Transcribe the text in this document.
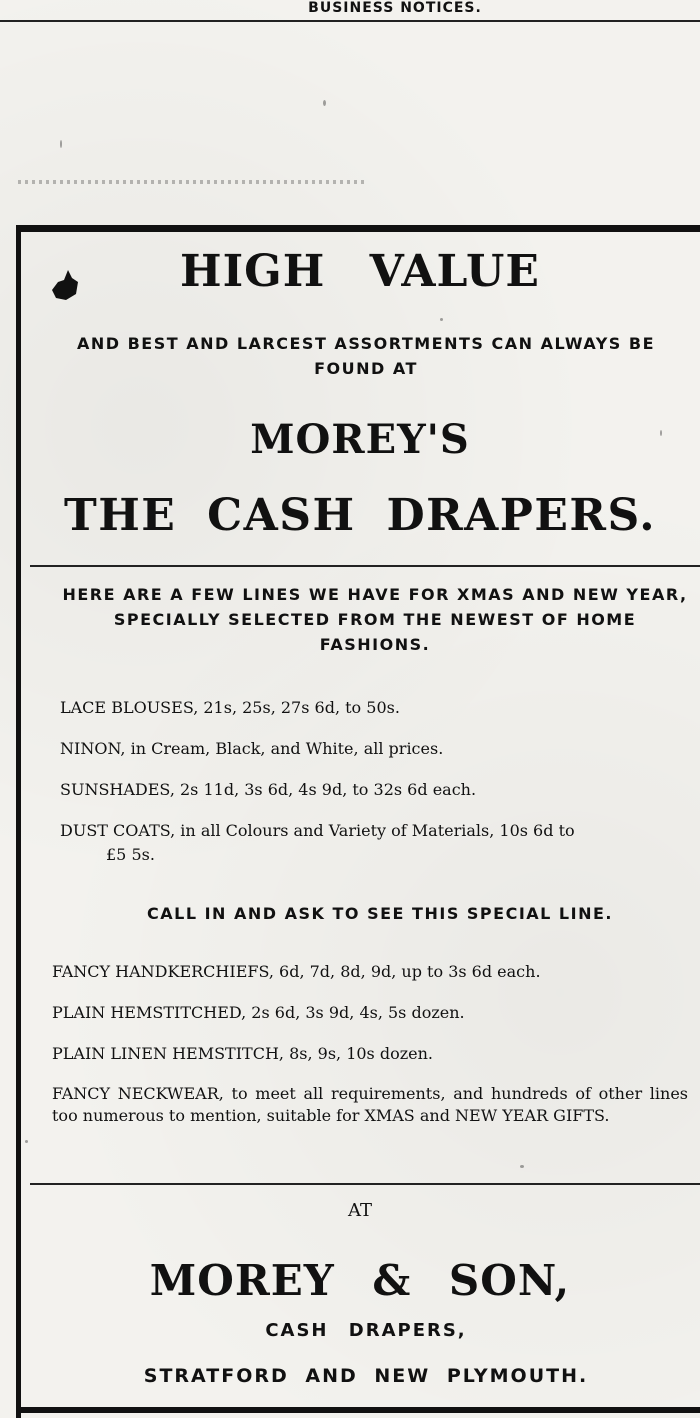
BUSINESS NOTICES.
HIGH VALUE
AND BEST AND LARCEST ASSORTMENTS CAN ALWAYS BE FOUND AT
MOREY'S
THE CASH DRAPERS.
HERE ARE A FEW LINES WE HAVE FOR XMAS AND NEW YEAR, SPECIALLY SELECTED FROM THE NEWEST OF HOME FASHIONS.
LACE BLOUSES, 21s, 25s, 27s 6d, to 50s.
NINON, in Cream, Black, and White, all prices.
SUNSHADES, 2s 11d, 3s 6d, 4s 9d, to 32s 6d each.
DUST COATS, in all Colours and Variety of Materials, 10s 6d to
£5 5s.
CALL IN AND ASK TO SEE THIS SPECIAL LINE.
FANCY HANDKERCHIEFS, 6d, 7d, 8d, 9d, up to 3s 6d each.
PLAIN HEMSTITCHED, 2s 6d, 3s 9d, 4s, 5s dozen.
PLAIN LINEN HEMSTITCH, 8s, 9s, 10s dozen.
FANCY NECKWEAR, to meet all requirements, and hundreds of other lines too numerous to mention, suitable for XMAS and NEW YEAR GIFTS.
AT
MOREY & SON,
CASH DRAPERS,
STRATFORD AND NEW PLYMOUTH.
